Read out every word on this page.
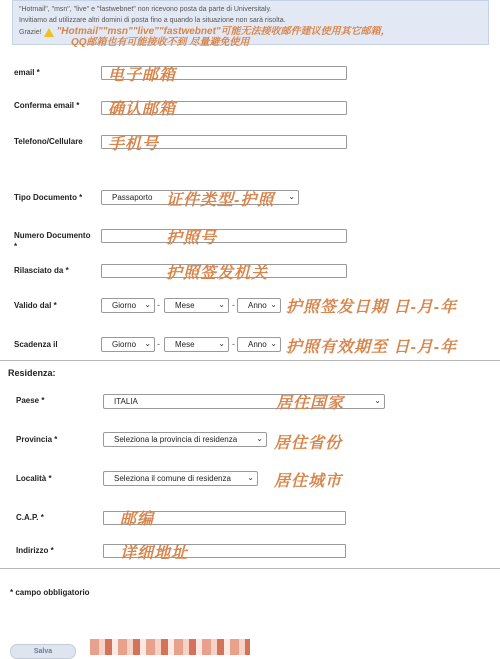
"Hotmail", "msn", "live" e "fastwebnet" non ricevono posta da parte di Universitaly.
Invitiamo ad utilizzare altri domini di posta fino a quando la situazione non sarà risolta.
Grazie! "Hotmail""msn""live""fastwebnet"可能无法接收邮件建议使用其它邮箱，
QQ邮箱也有可能接收不到 尽量避免使用
email *	电子邮箱
Conferma email * 确认邮箱
Telefono/Cellulare 手机号
Tipo Documento *	Passaporto	⌄
证件类型-护照
Numero Documento
*	护照号
Rilasciato da *	护照签发机关
Valido dal *	Giorno ⌄ -	Mese	⌄ -	Anno ⌄ 护照签发日期 日-月-年
Scadenza il	Giorno ⌄ -	Mese	⌄ -	Anno ⌄ 护照有效期至 日-月-年
Residenza:
Paese *	ITALIA	⌄
居住国家
Provincia *	Seleziona la provincia di residenza ⌄ 居住省份
Località *	Seleziona il comune di residenza ⌄ 居住城市
C.A.P. *	邮编
Indirizzo *	详细地址
* campo obbligatorio
Salva
